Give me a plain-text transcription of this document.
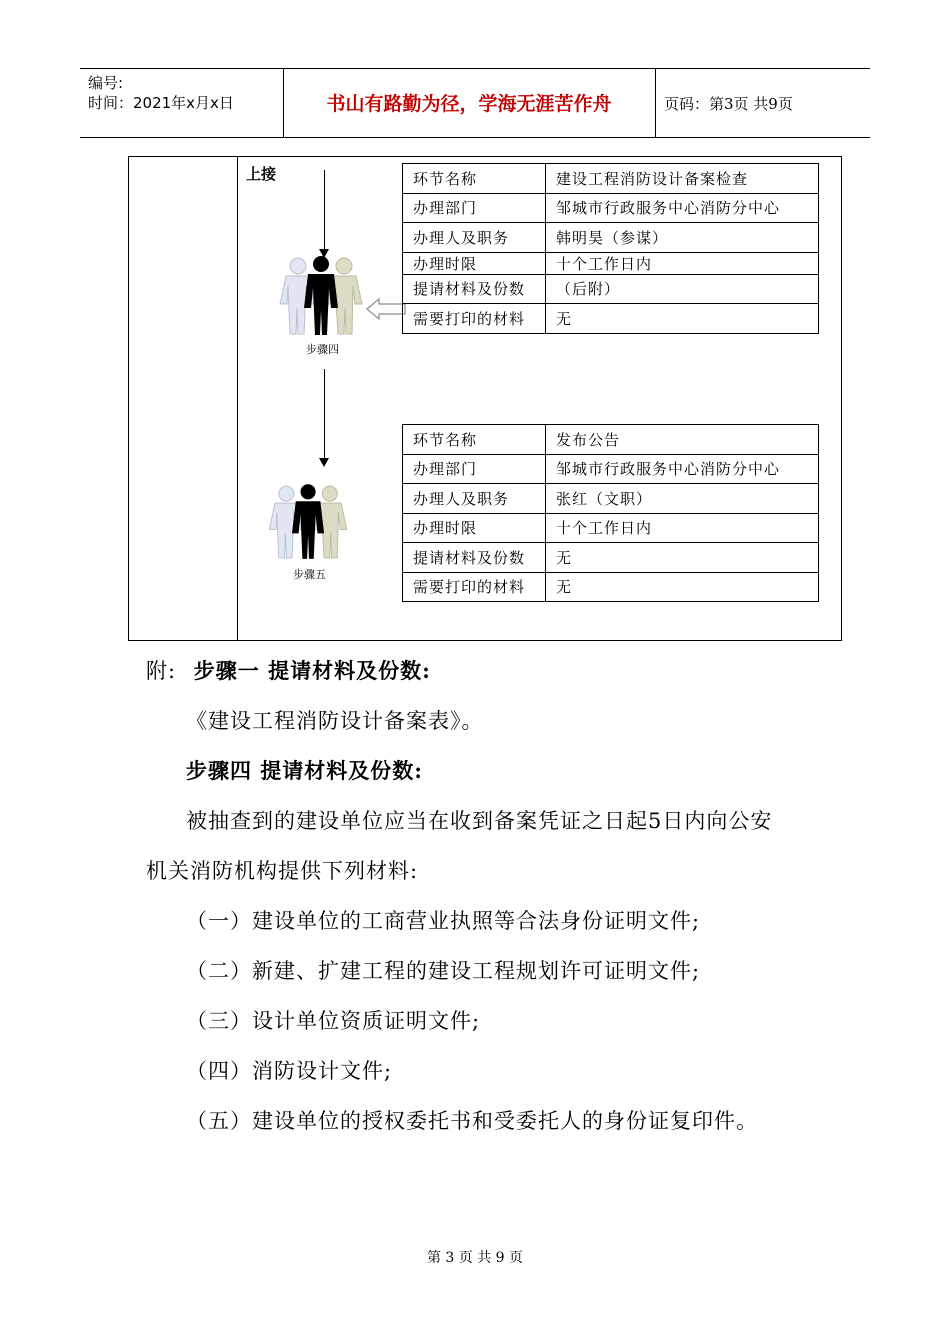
编号:
时间：2021年x月x日	书山有路勤为径，学海无涯苦作舟	页码：第3页 共9页
上接
步骤四
环节名称	建设工程消防设计备案检查
办理部门	邹城市行政服务中心消防分中心
办理人及职务	韩明昊（参谋）
办理时限	十个工作日内
提请材料及份数	（后附）
需要打印的材料	无
步骤五
环节名称	发布公告
办理部门	邹城市行政服务中心消防分中心
办理人及职务	张红（文职）
办理时限	十个工作日内
提请材料及份数	无
需要打印的材料	无
附: 步骤一 提请材料及份数:
《建设工程消防设计备案表》。
步骤四 提请材料及份数:
被抽查到的建设单位应当在收到备案凭证之日起5日内向公安
机关消防机构提供下列材料:
（一）建设单位的工商营业执照等合法身份证明文件;
（二）新建、扩建工程的建设工程规划许可证明文件;
（三）设计单位资质证明文件;
（四）消防设计文件;
（五）建设单位的授权委托书和受委托人的身份证复印件。
第 3 页 共 9 页
